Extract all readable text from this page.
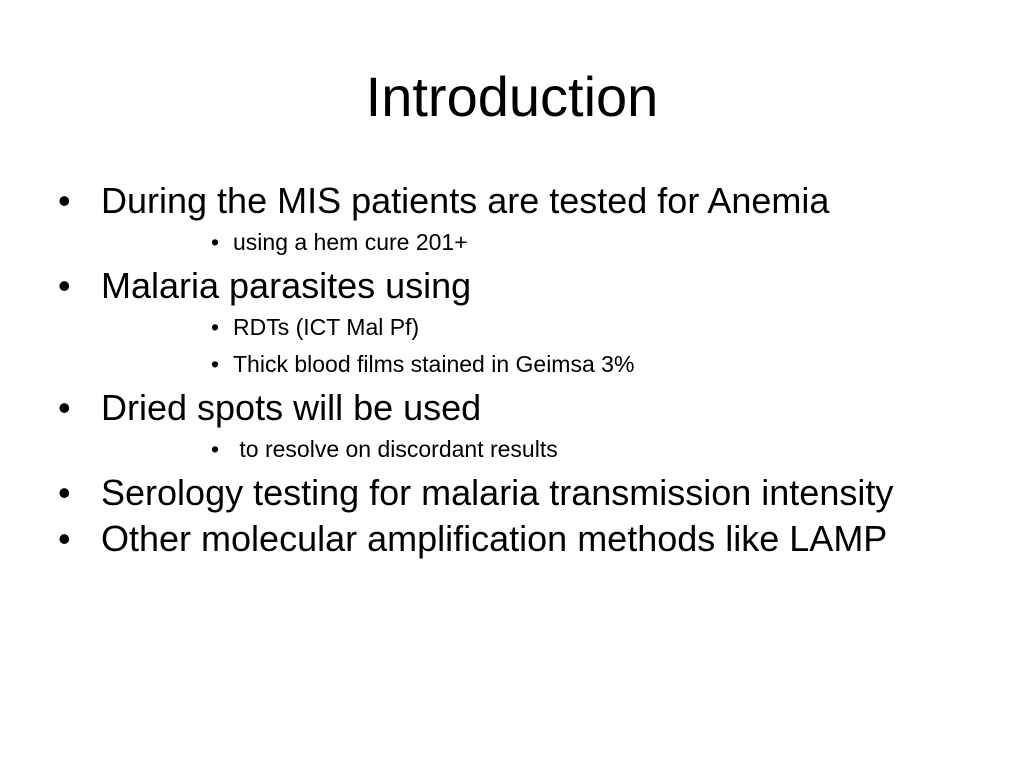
Introduction
• During the MIS patients are tested for Anemia
• using a hem cure 201+
• Malaria parasites using
• RDTs (ICT Mal Pf)
• Thick blood films stained in Geimsa 3%
• Dried spots will be used
• to resolve on discordant results
• Serology testing for malaria transmission intensity
• Other molecular amplification methods like LAMP
